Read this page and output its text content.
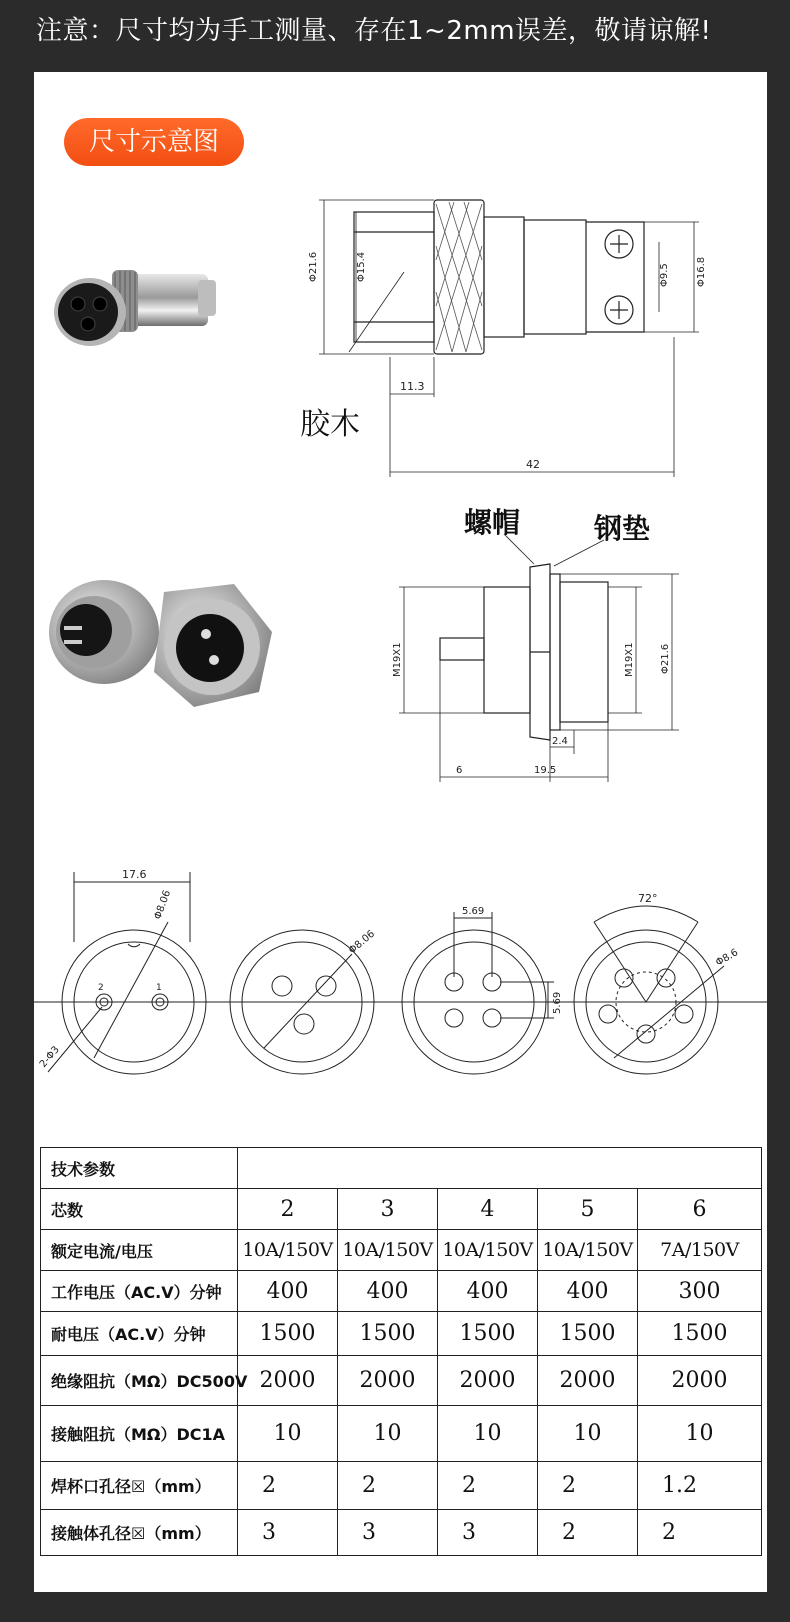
注意：尺寸均为手工测量、存在1~2mm误差，敬请谅解!
尺寸示意图
Φ21.6	Φ15.4	Φ9.5	Φ16.8
11.3
42
胶木
M19X1	M19X1	Φ21.6
2.4
6	19.5
螺帽	钢垫
17.6
Φ8.06
2-Φ3
2	1
Φ8.06
5.69
5.69
72°
Φ8.6
技术参数					
芯数	2	3	4	5	6
额定电流/电压	10A/150V	10A/150V	10A/150V	10A/150V	7A/150V
工作电压（AC.V）分钟	400	400	400	400	300
耐电压（AC.V）分钟	1500	1500	1500	1500	1500
绝缘阻抗（MΩ）DC500V	2000	2000	2000	2000	2000
接触阻抗（MΩ）DC1A	10	10	10	10	10
焊杯口孔径☒（mm）	2	2	2	2	1.2
接触体孔径☒（mm）	3	3	3	2	2
